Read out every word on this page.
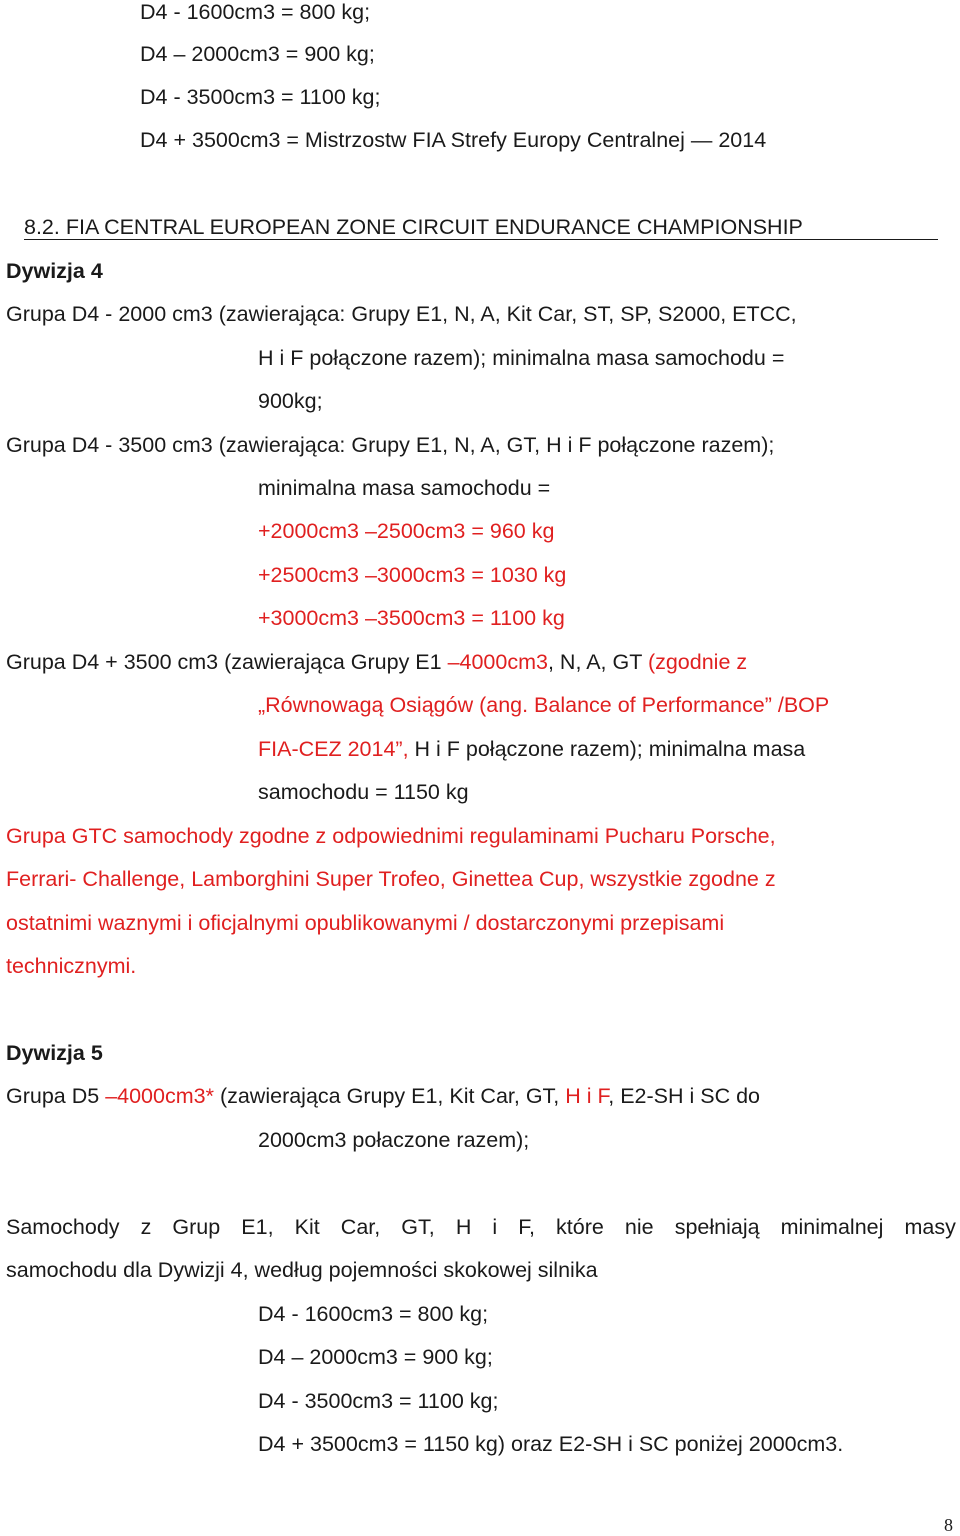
D4 - 1600cm3 = 800 kg;
D4 – 2000cm3 = 900 kg;
D4 - 3500cm3 = 1100 kg;
D4 + 3500cm3 = Mistrzostw FIA Strefy Europy Centralnej — 2014
8.2. FIA CENTRAL EUROPEAN ZONE CIRCUIT ENDURANCE CHAMPIONSHIP
Dywizja 4
Grupa D4 - 2000 cm3 (zawierająca: Grupy E1, N, A, Kit Car, ST, SP, S2000, ETCC,
H i F połączone razem); minimalna masa samochodu =
900kg;
Grupa D4 - 3500 cm3 (zawierająca: Grupy E1, N, A, GT, H i F połączone razem);
minimalna masa samochodu =
+2000cm3 –2500cm3 = 960 kg
+2500cm3 –3000cm3 = 1030 kg
+3000cm3 –3500cm3 = 1100 kg
Grupa D4 + 3500 cm3 (zawierająca Grupy E1 –4000cm3, N, A, GT (zgodnie z
„Równowagą Osiągów (ang. Balance of Performance” /BOP
FIA-CEZ 2014”, H i F połączone razem); minimalna masa
samochodu = 1150 kg
Grupa GTC samochody zgodne z odpowiednimi regulaminami Pucharu Porsche,
Ferrari- Challenge, Lamborghini Super Trofeo, Ginettea Cup, wszystkie zgodne z
ostatnimi waznymi i oficjalnymi opublikowanymi / dostarczonymi przepisami
technicznymi.
Dywizja 5
Grupa D5 –4000cm3* (zawierająca Grupy E1, Kit Car, GT, H i F, E2-SH i SC do
2000cm3 połaczone razem);
Samochody z Grup E1, Kit Car, GT, H i F, które nie spełniają minimalnej masy
samochodu dla Dywizji 4, według pojemności skokowej silnika
D4 - 1600cm3 = 800 kg;
D4 – 2000cm3 = 900 kg;
D4 - 3500cm3 = 1100 kg;
D4 + 3500cm3 = 1150 kg) oraz E2-SH i SC poniżej 2000cm3.
8
